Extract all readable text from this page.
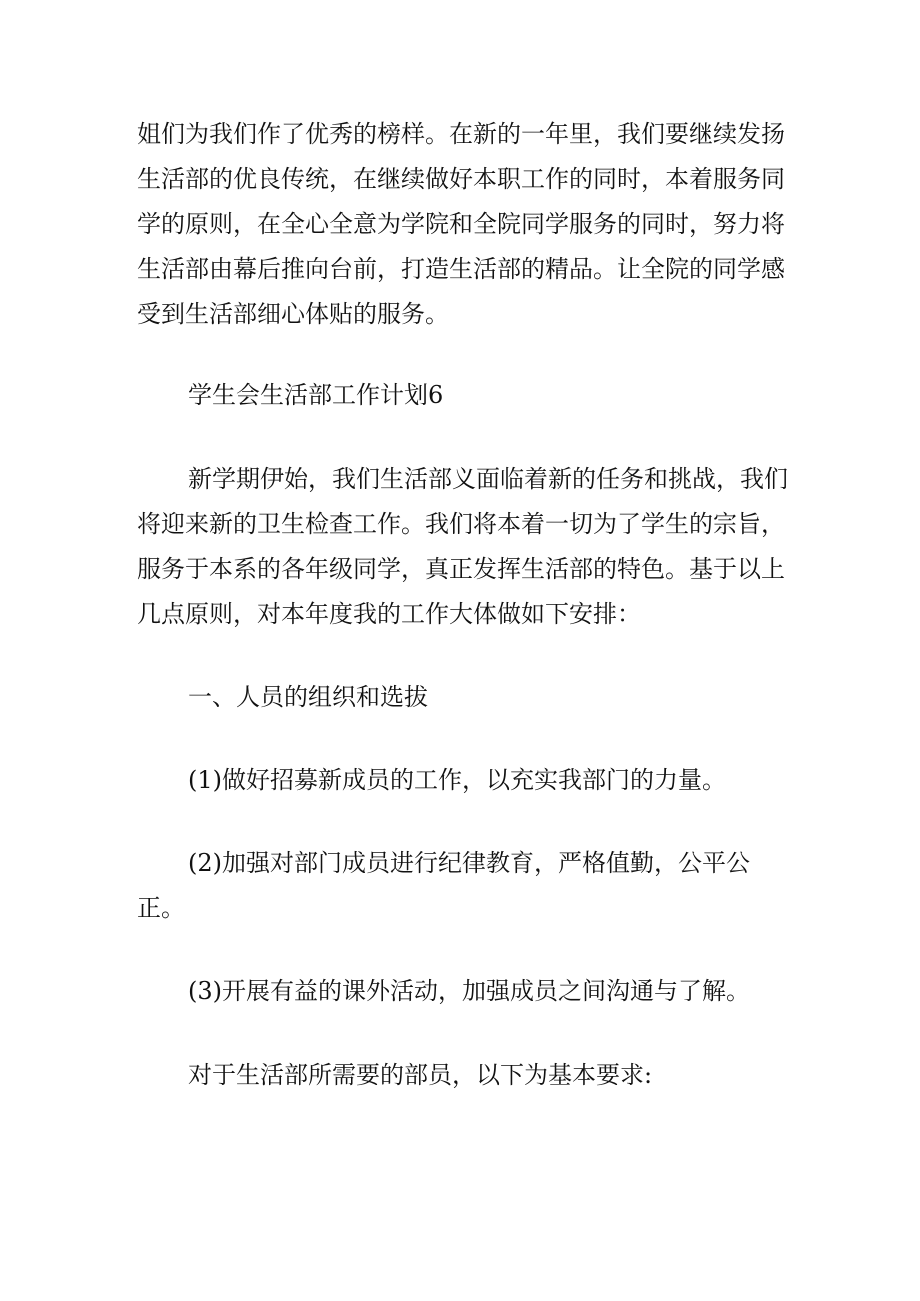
姐们为我们作了优秀的榜样。在新的一年里，我们要继续发扬

生活部的优良传统，在继续做好本职工作的同时，本着服务同

学的原则，在全心全意为学院和全院同学服务的同时，努力将

生活部由幕后推向台前，打造生活部的精品。让全院的同学感

受到生活部细心体贴的服务。

学生会生活部工作计划6

新学期伊始，我们生活部义面临着新的任务和挑战，我们

将迎来新的卫生检查工作。我们将本着一切为了学生的宗旨，

服务于本系的各年级同学，真正发挥生活部的特色。基于以上

几点原则，对本年度我的工作大体做如下安排：

一、人员的组织和选拔

(1)做好招募新成员的工作，以充实我部门的力量。

(2)加强对部门成员进行纪律教育，严格值勤，公平公

正。

(3)开展有益的课外活动，加强成员之间沟通与了解。

对于生活部所需要的部员，以下为基本要求:
